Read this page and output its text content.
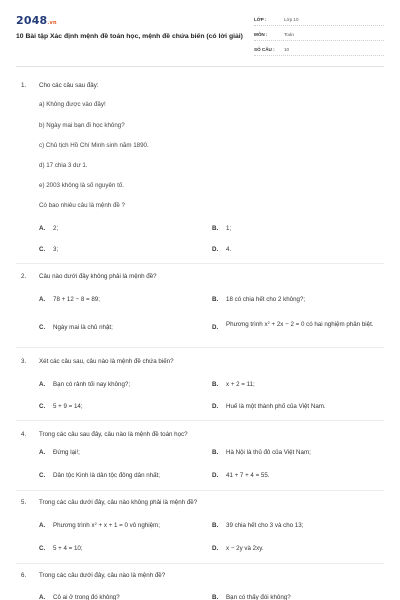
2048.vn
10 Bài tập Xác định mệnh đề toán học, mệnh đề chứa biến (có lời giải)
LỚP :	Lớp 10
MÔN :	Toán
SỐ CÂU : 10
1. Cho các câu sau đây:
a) Không được vào đây!
b) Ngày mai bạn đi học không?
c) Chủ tịch Hồ Chí Minh sinh năm 1890.
d) 17 chia 3 dư 1.
e) 2003 không là số nguyên tố.
Có bao nhiêu câu là mệnh đề ?
A. 2;	B. 1;
C. 3;	D. 4.
2. Câu nào dưới đây không phải là mệnh đề?
A. 78 + 12 − 8 = 89;	B. 18 có chia hết cho 2 không?;
C. Ngày mai là chủ nhật;	D. Phương trình $x^2 + 2x - 2 = 0$ có hai nghiệm phân biệt.
3. Xét các câu sau, câu nào là mệnh đề chứa biến?
A. Bạn có rảnh tối nay không?;	B. x + 2 = 11;
C. 5 + 9 = 14;	D. Huế là một thành phố của Việt Nam.
4. Trong các câu sau đây, câu nào là mệnh đề toán học?
A. Đứng lại!;	B. Hà Nội là thủ đô của Việt Nam;
C. Dân tộc Kinh là dân tộc đông dân nhất;	D. 41 + 7 + 4 = 55.
5. Trong các câu dưới đây, câu nào không phải là mệnh đề?
A. Phương trình $x^2 + x + 1 = 0$ vô nghiệm;	B. 39 chia hết cho 3 và cho 13;
C. 5 + 4 = 10;	D. x − 2y và 2xy.
6. Trong các câu dưới đây, câu nào là mệnh đề?
A. Cô ai ở trong đó không?	B. Bạn có thấy đói không?
